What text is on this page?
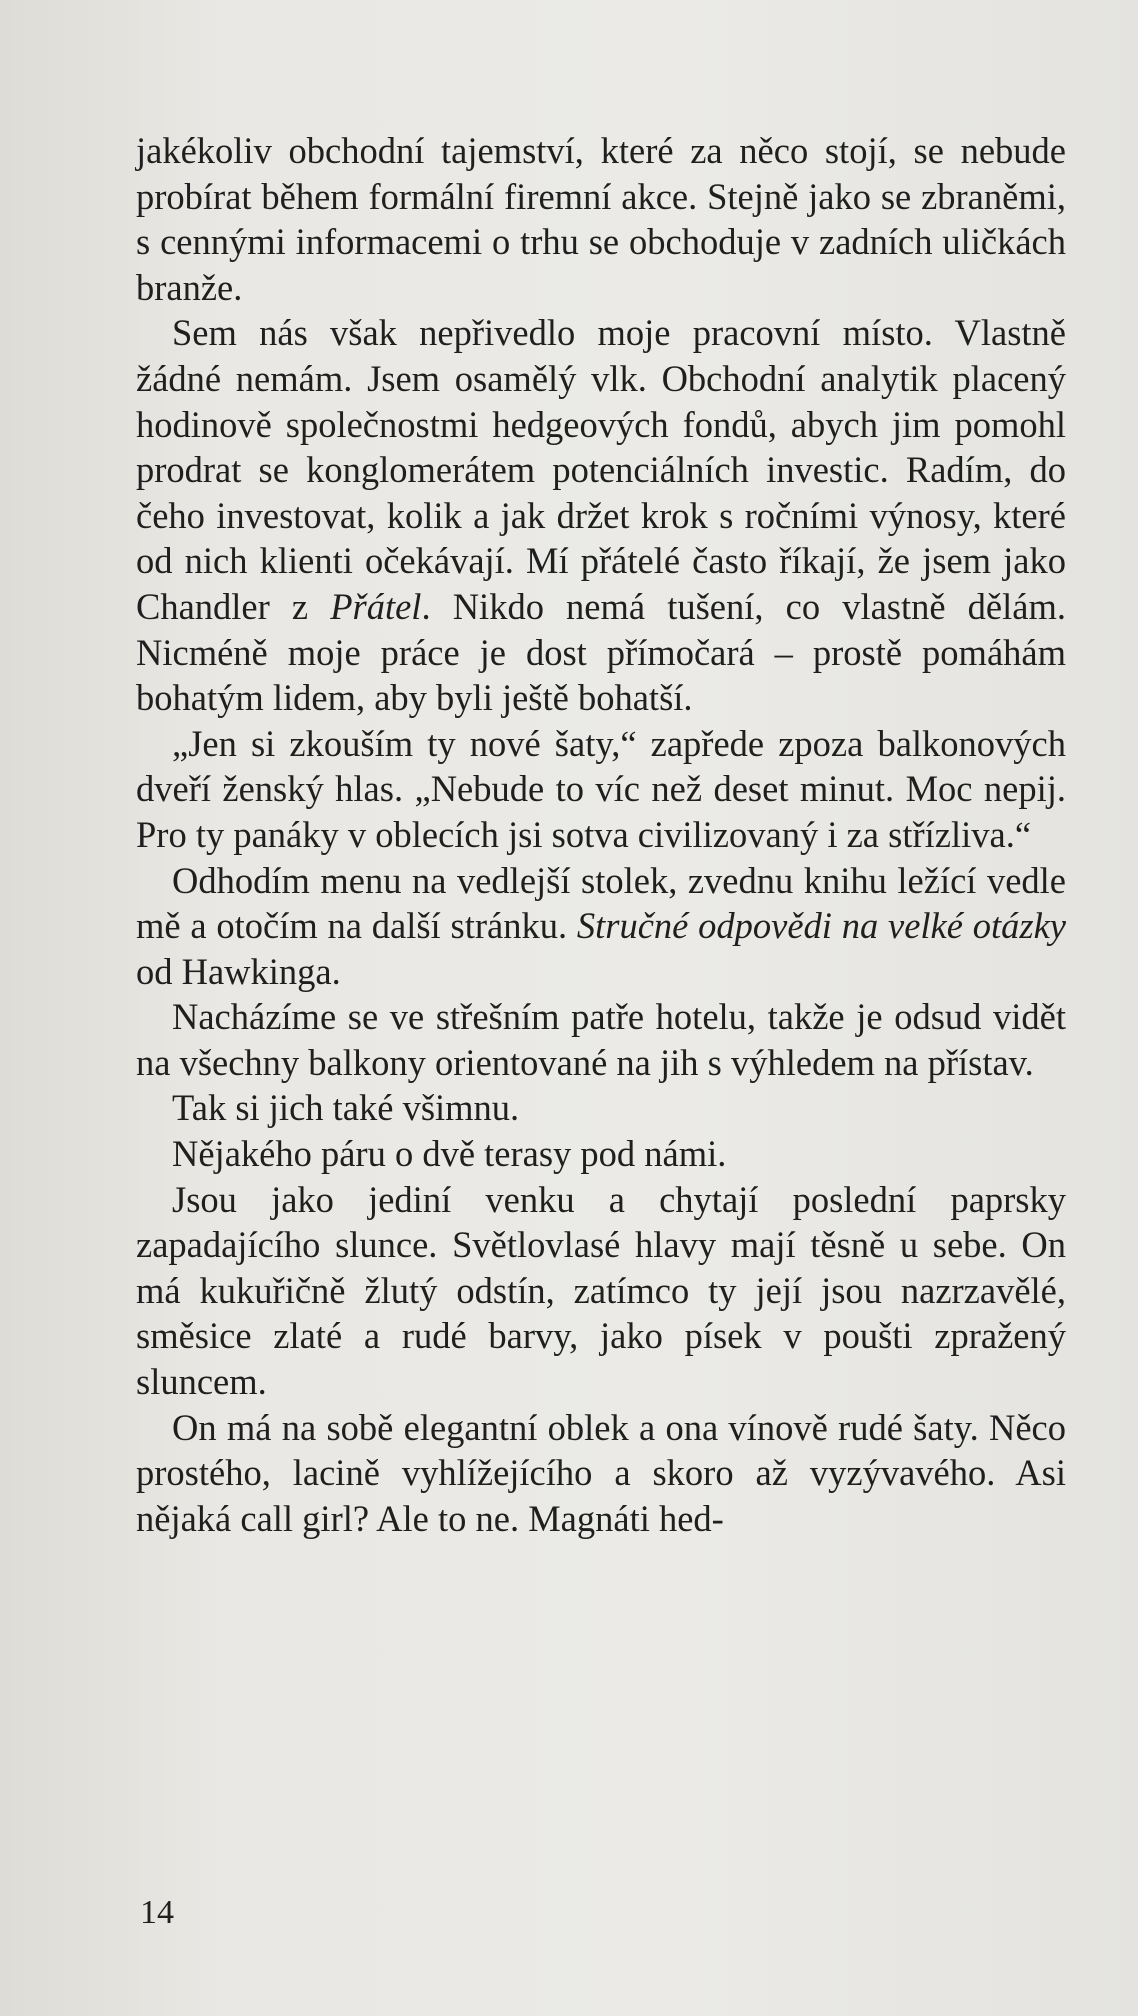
jakékoliv obchodní tajemství, které za něco stojí, se nebude probírat během formální firemní akce. Stejně jako se zbraněmi, s cennými informacemi o trhu se obchoduje v zadních uličkách branže.

Sem nás však nepřivedlo moje pracovní místo. Vlastně žádné nemám. Jsem osamělý vlk. Obchodní analytik placený hodinově společnostmi hedgeových fondů, abych jim pomohl prodrat se konglomerátem potenciálních investic. Radím, do čeho investovat, kolik a jak držet krok s ročními výnosy, které od nich klienti očekávají. Mí přátelé často říkají, že jsem jako Chandler z Přátel. Nikdo nemá tušení, co vlastně dělám. Nicméně moje práce je dost přímočará – prostě pomáhám bohatým lidem, aby byli ještě bohatší.

„Jen si zkouším ty nové šaty,“ zapřede zpoza balkonových dveří ženský hlas. „Nebude to víc než deset minut. Moc nepij. Pro ty panáky v oblecích jsi sotva civilizovaný i za střízliva.“

Odhodím menu na vedlejší stolek, zvednu knihu ležící vedle mě a otočím na další stránku. Stručné odpovědi na velké otázky od Hawkinga.

Nacházíme se ve střešním patře hotelu, takže je odsud vidět na všechny balkony orientované na jih s výhledem na přístav.

Tak si jich také všimnu.

Nějakého páru o dvě terasy pod námi.

Jsou jako jediní venku a chytají poslední paprsky zapadajícího slunce. Světlovlasé hlavy mají těsně u sebe. On má kukuřičně žlutý odstín, zatímco ty její jsou nazrzavělé, směsice zlaté a rudé barvy, jako písek v poušti zpražený sluncem.

On má na sobě elegantní oblek a ona vínově rudé šaty. Něco prostého, lacině vyhlížejícího a skoro až vyzývavého. Asi nějaká call girl? Ale to ne. Magnáti hed-

14
